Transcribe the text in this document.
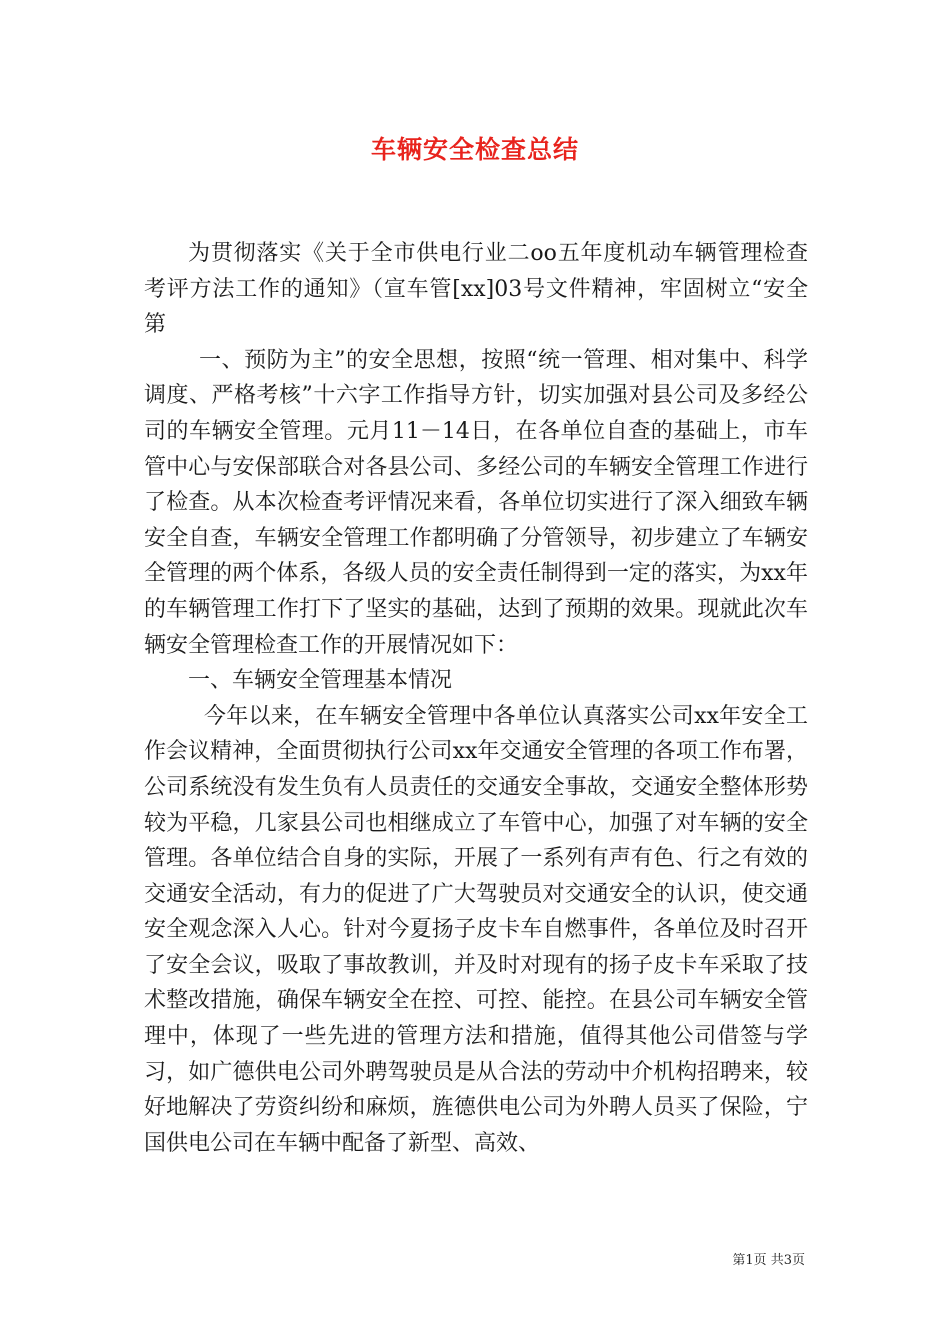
车辆安全检查总结

为贯彻落实《关于全市供电行业二oo五年度机动车辆管理检查考评方法工作的通知》（宣车管[xx]03号文件精神，牢固树立“安全第

一、预防为主”的安全思想，按照“统一管理、相对集中、科学调度、严格考核”十六字工作指导方针，切实加强对县公司及多经公司的车辆安全管理。元月11－14日，在各单位自查的基础上，市车管中心与安保部联合对各县公司、多经公司的车辆安全管理工作进行了检查。从本次检查考评情况来看，各单位切实进行了深入细致车辆安全自查，车辆安全管理工作都明确了分管领导，初步建立了车辆安全管理的两个体系，各级人员的安全责任制得到一定的落实，为xx年的车辆管理工作打下了坚实的基础，达到了预期的效果。现就此次车辆安全管理检查工作的开展情况如下：

一、车辆安全管理基本情况

今年以来，在车辆安全管理中各单位认真落实公司xx年安全工作会议精神，全面贯彻执行公司xx年交通安全管理的各项工作布署，公司系统没有发生负有人员责任的交通安全事故，交通安全整体形势较为平稳，几家县公司也相继成立了车管中心，加强了对车辆的安全管理。各单位结合自身的实际，开展了一系列有声有色、行之有效的交通安全活动，有力的促进了广大驾驶员对交通安全的认识，使交通安全观念深入人心。针对今夏扬子皮卡车自燃事件，各单位及时召开了安全会议，吸取了事故教训，并及时对现有的扬子皮卡车采取了技术整改措施，确保车辆安全在控、可控、能控。在县公司车辆安全管理中，体现了一些先进的管理方法和措施，值得其他公司借签与学习，如广德供电公司外聘驾驶员是从合法的劳动中介机构招聘来，较好地解决了劳资纠纷和麻烦，旌德供电公司为外聘人员买了保险，宁国供电公司在车辆中配备了新型、高效、

第1页 共3页
